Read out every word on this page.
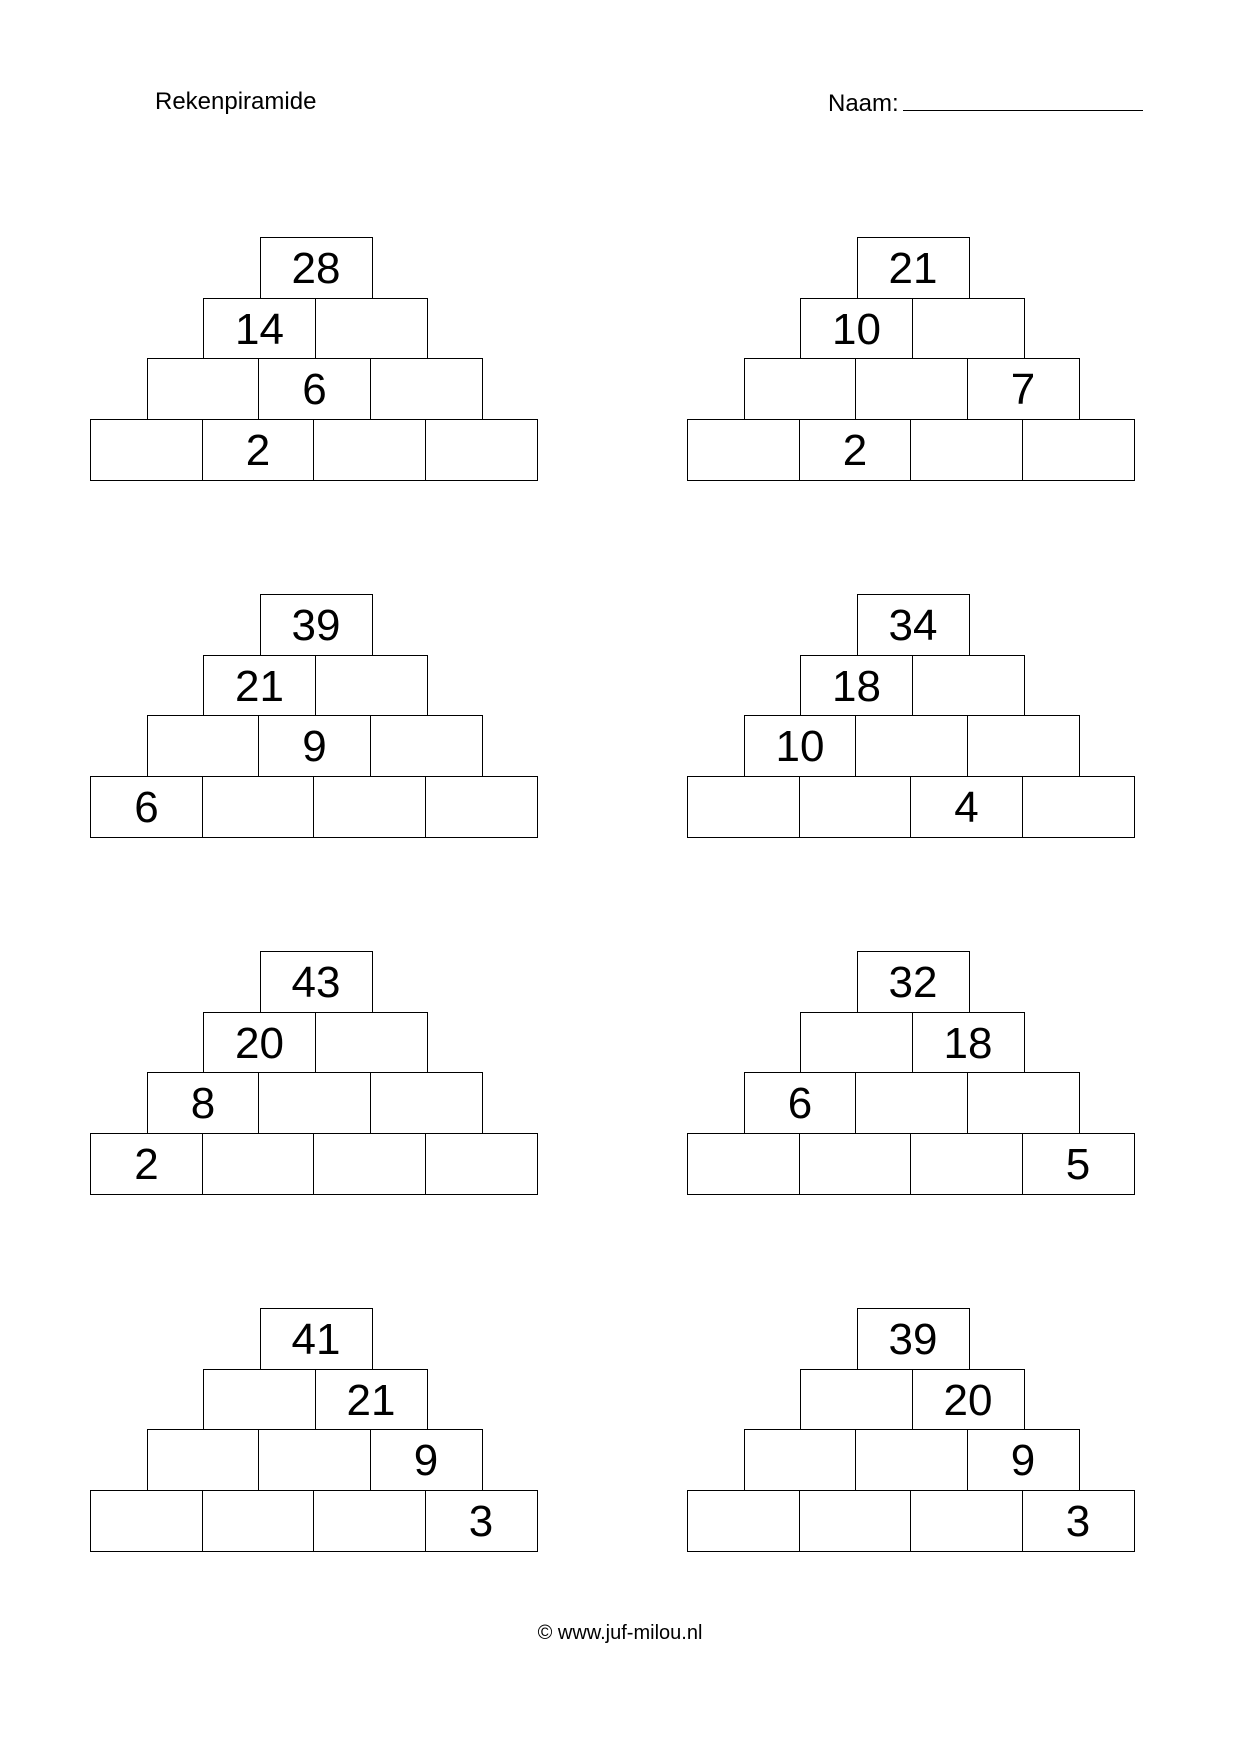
Rekenpiramide	Naam:
28
14
6
2
21
10
7
2
39
21
9
6
34
18
10
4
43
20
8
2
32
18
6
5
41
21
9
3
39
20
9
3
© www.juf-milou.nl
